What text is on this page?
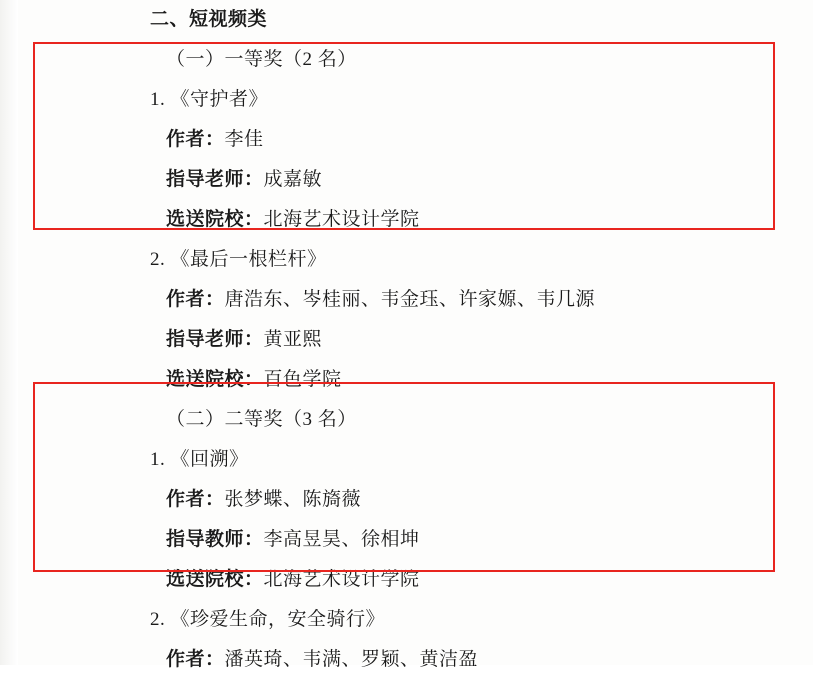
二、短视频类
（一）一等奖（2 名）
1. 《守护者》
作者：李佳
指导老师：成嘉敏
选送院校：北海艺术设计学院
2. 《最后一根栏杆》
作者：唐浩东、岑桂丽、韦金珏、许家嫄、韦几源
指导老师：黄亚熙
选送院校：百色学院
（二）二等奖（3 名）
1. 《回溯》
作者：张梦蝶、陈旖薇
指导教师：李高昱昊、徐相坤
选送院校：北海艺术设计学院
2. 《珍爱生命，安全骑行》
作者：潘英琦、韦满、罗颖、黄洁盈
